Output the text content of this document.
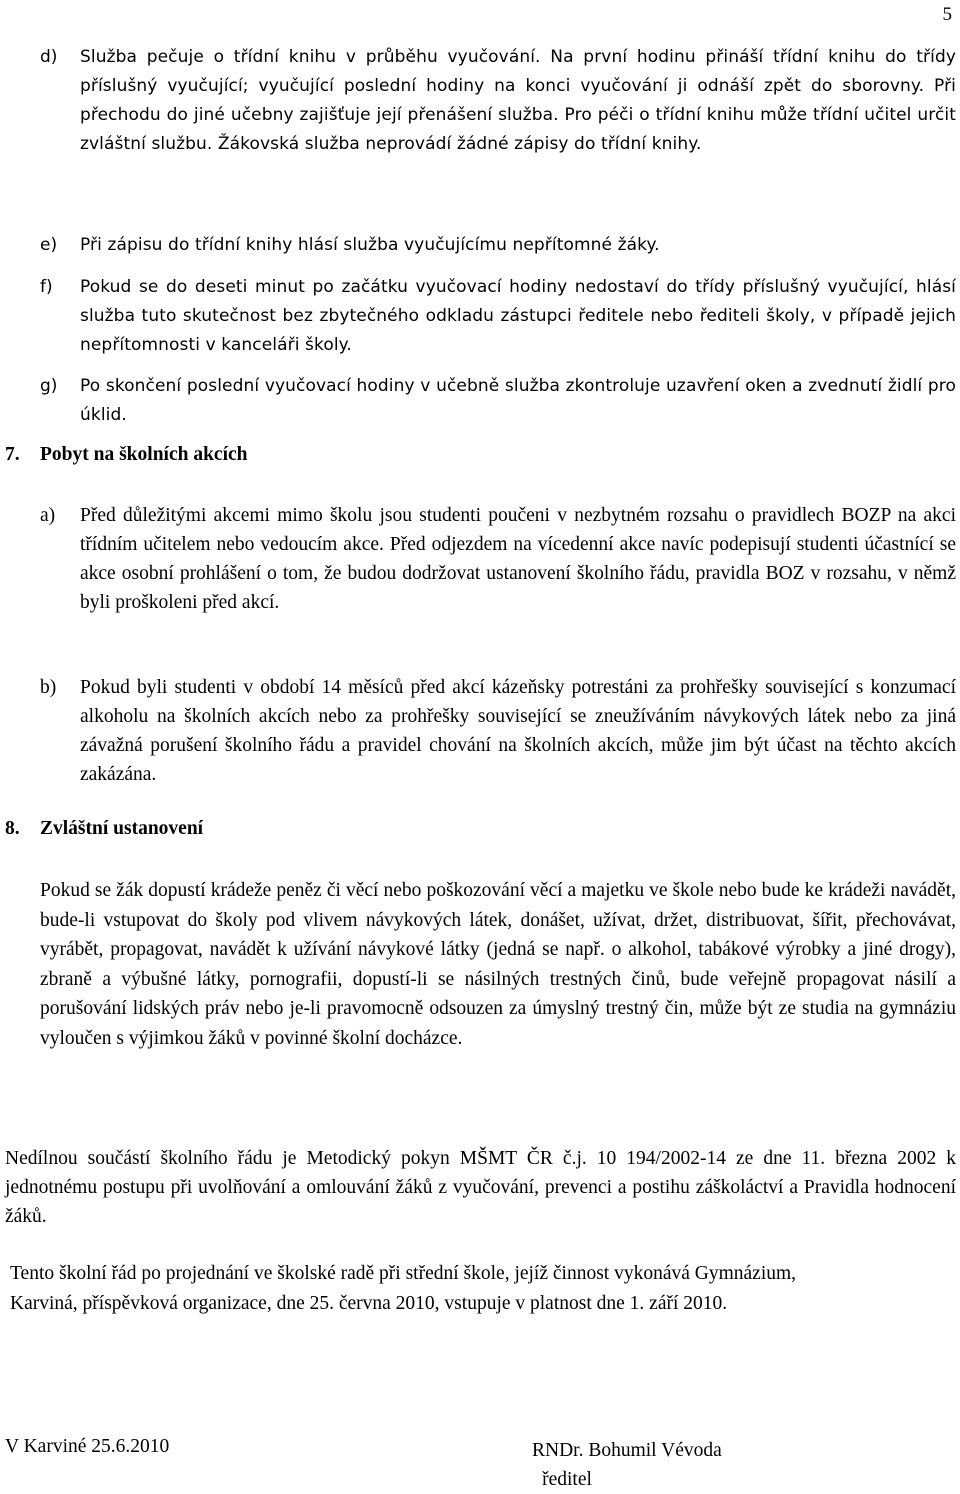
5
d)	Služba pečuje o třídní knihu v průběhu vyučování. Na první hodinu přináší třídní knihu do třídy příslušný vyučující; vyučující poslední hodiny na konci vyučování ji odnáší zpět do sborovny. Při přechodu do jiné učebny zajišťuje její přenášení služba. Pro péči o třídní knihu může třídní učitel určit zvláštní službu. Žákovská služba neprovádí žádné zápisy do třídní knihy.
e)	Při zápisu do třídní knihy hlásí služba vyučujícímu nepřítomné žáky.
f)	Pokud se do deseti minut po začátku vyučovací hodiny nedostaví do třídy příslušný vyučující, hlásí služba tuto skutečnost bez zbytečného odkladu zástupci ředitele nebo řediteli školy, v případě jejich nepřítomnosti v kanceláři školy.
g)	Po skončení poslední vyučovací hodiny v učebně služba zkontroluje uzavření oken a zvednutí židlí pro úklid.
7.	Pobyt na školních akcích
a)	Před důležitými akcemi mimo školu jsou studenti poučeni v nezbytném rozsahu o pravidlech BOZP na akci třídním učitelem nebo vedoucím akce. Před odjezdem na vícedenní akce navíc podepisují studenti účastnící se akce osobní prohlášení o tom, že budou dodržovat ustanovení školního řádu, pravidla BOZ v rozsahu, v němž byli proškoleni před akcí.
b)	Pokud byli studenti v období 14 měsíců před akcí kázeňsky potrestáni za prohřešky související s konzumací alkoholu na školních akcích nebo za prohřešky související se zneužíváním návykových látek nebo za jiná závažná porušení školního řádu a pravidel chování na školních akcích, může jim být účast na těchto akcích zakázána.
8.	Zvláštní ustanovení
Pokud se žák dopustí krádeže peněz či věcí nebo poškozování věcí a majetku ve škole nebo bude ke krádeži navádět, bude-li vstupovat do školy pod vlivem návykových látek, donášet, užívat, držet, distribuovat, šířit, přechovávat, vyrábět, propagovat, navádět k užívání návykové látky (jedná se např. o alkohol, tabákové výrobky a jiné drogy), zbraně a výbušné látky, pornografii, dopustí-li se násilných trestných činů, bude veřejně propagovat násilí a porušování lidských práv nebo je-li pravomocně odsouzen za úmyslný trestný čin, může být ze studia na gymnáziu vyloučen s výjimkou žáků v povinné školní docházce.
Nedílnou součástí školního řádu je Metodický pokyn MŠMT ČR č.j. 10 194/2002-14 ze dne 11. března 2002 k jednotnému postupu při uvolňování a omlouvání žáků z vyučování, prevenci a postihu záškoláctví a Pravidla hodnocení žáků.
Tento školní řád po projednání ve školské radě při střední škole, jejíž činnost vykonává Gymnázium, Karviná, příspěvková organizace, dne 25. června 2010, vstupuje v platnost dne 1. září 2010.
V Karviné 25.6.2010	RNDr. Bohumil Vévoda
ředitel
